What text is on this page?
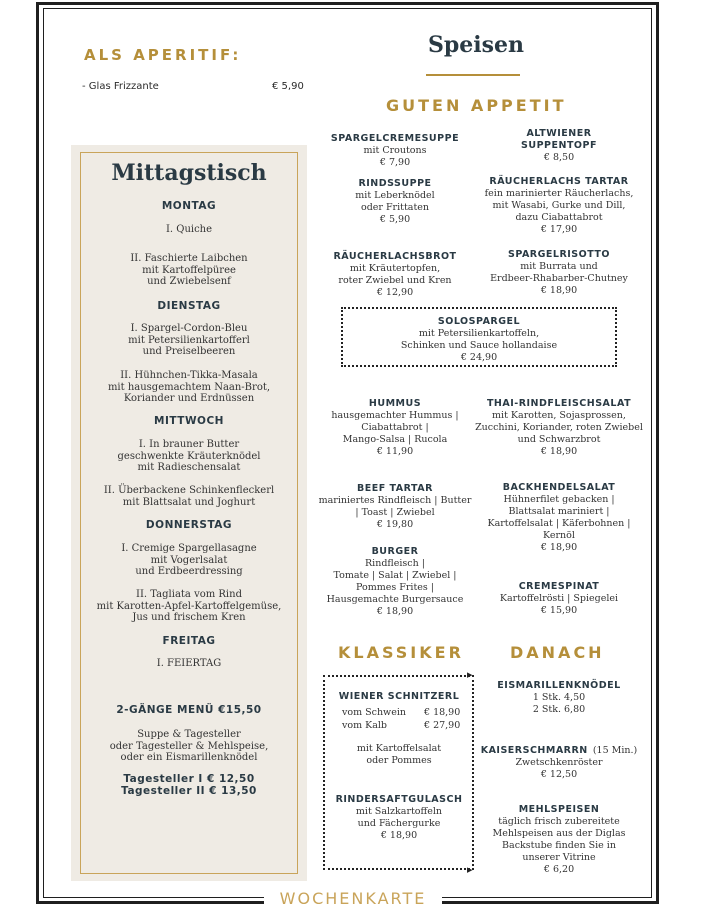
ALS APERITIF:
- Glas Frizzante	€ 5,90
Speisen
GUTEN APPETIT
Mittagstisch
MONTAG
I. Quiche
II. Faschierte Laibchen
mit Kartoffelpüree
und Zwiebelsenf
DIENSTAG
I. Spargel-Cordon-Bleu
mit Petersilienkartofferl
und Preiselbeeren
II. Hühnchen-Tikka-Masala
mit hausgemachtem Naan-Brot,
Koriander und Erdnüssen
MITTWOCH
I. In brauner Butter
geschwenkte Kräuterknödel
mit Radieschensalat
II. Überbackene Schinkenfleckerl
mit Blattsalat und Joghurt
DONNERSTAG
I. Cremige Spargellasagne
mit Vogerlsalat
und Erdbeerdressing
II. Tagliata vom Rind
mit Karotten-Apfel-Kartoffelgemüse,
Jus und frischem Kren
FREITAG
I. FEIERTAG
2-GÄNGE MENÜ €15,50
Suppe & Tagesteller
oder Tagesteller & Mehlspeise,
oder ein Eismarillenknödel
Tagesteller I € 12,50
Tagesteller II € 13,50
SPARGELCREMESUPPE
mit Croutons
€ 7,90
ALTWIENER
SUPPENTOPF
€ 8,50
RINDSSUPPE
mit Leberknödel
oder Frittaten
€ 5,90
RÄUCHERLACHS TARTAR
fein marinierter Räucherlachs,
mit Wasabi, Gurke und Dill,
dazu Ciabattabrot
€ 17,90
RÄUCHERLACHSBROT
mit Kräutertopfen,
roter Zwiebel und Kren
€ 12,90
SPARGELRISOTTO
mit Burrata und
Erdbeer-Rhabarber-Chutney
€ 18,90
SOLOSPARGEL
mit Petersilienkartoffeln,
Schinken und Sauce hollandaise
€ 24,90
HUMMUS
hausgemachter Hummus |
Ciabattabrot |
Mango-Salsa | Rucola
€ 11,90
THAI-RINDFLEISCHSALAT
mit Karotten, Sojasprossen,
Zucchini, Koriander, roten Zwiebel
und Schwarzbrot
€ 18,90
BEEF TARTAR
mariniertes Rindfleisch | Butter
| Toast | Zwiebel
€ 19,80
BACKHENDELSALAT
Hühnerfilet gebacken |
Blattsalat mariniert |
Kartoffelsalat | Käferbohnen |
Kernöl
€ 18,90
BURGER
Rindfleisch |
Tomate | Salat | Zwiebel |
Pommes Frites |
Hausgemachte Burgersauce
€ 18,90
CREMESPINAT
Kartoffelrösti | Spiegelei
€ 15,90
KLASSIKER	DANACH
▸
▸
WIENER SCHNITZERL
vom Schwein € 18,90
vom Kalb	€ 27,90
mit Kartoffelsalat
oder Pommes
RINDERSAFTGULASCH
mit Salzkartoffeln
und Fächergurke
€ 18,90
EISMARILLENKNÖDEL
1 Stk. 4,50
2 Stk. 6,80
KAISERSCHMARRN (15 Min.)
Zwetschkenröster
€ 12,50
MEHLSPEISEN
täglich frisch zubereitete
Mehlspeisen aus der Diglas
Backstube finden Sie in
unserer Vitrine
€ 6,20
WOCHENKARTE
